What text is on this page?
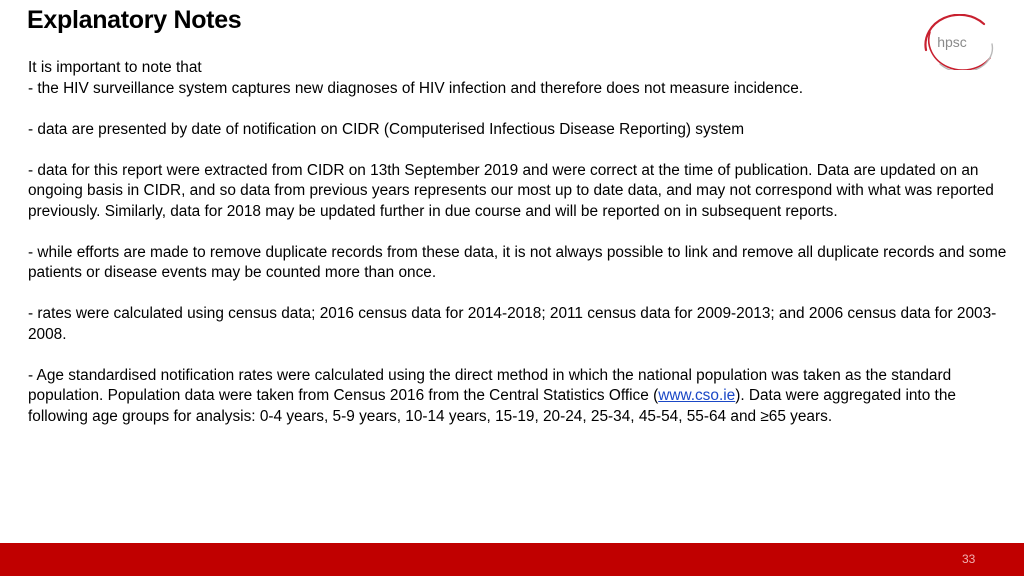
Explanatory Notes
hpsc

It is important to note that

- the HIV surveillance system captures new diagnoses of HIV infection and therefore does not measure incidence.

- data are presented by date of notification on CIDR (Computerised Infectious Disease Reporting) system

- data for this report were extracted from CIDR on 13th September 2019 and were correct at the time of publication. Data are updated on an ongoing basis in CIDR, and so data from previous years represents our most up to date data, and may not correspond with what was reported previously. Similarly, data for 2018 may be updated further in due course and will be reported on in subsequent reports.

- while efforts are made to remove duplicate records from these data, it is not always possible to link and remove all duplicate records and some patients or disease events may be counted more than once.

- rates were calculated using census data; 2016 census data for 2014-2018; 2011 census data for 2009-2013; and 2006 census data for 2003-2008.

- Age standardised notification rates were calculated using the direct method in which the national population was taken as the standard population. Population data were taken from Census 2016 from the Central Statistics Office (www.cso.ie). Data were aggregated into the following age groups for analysis: 0-4 years, 5-9 years, 10-14 years, 15-19, 20-24, 25-34, 45-54, 55-64 and ≥65 years.

33
